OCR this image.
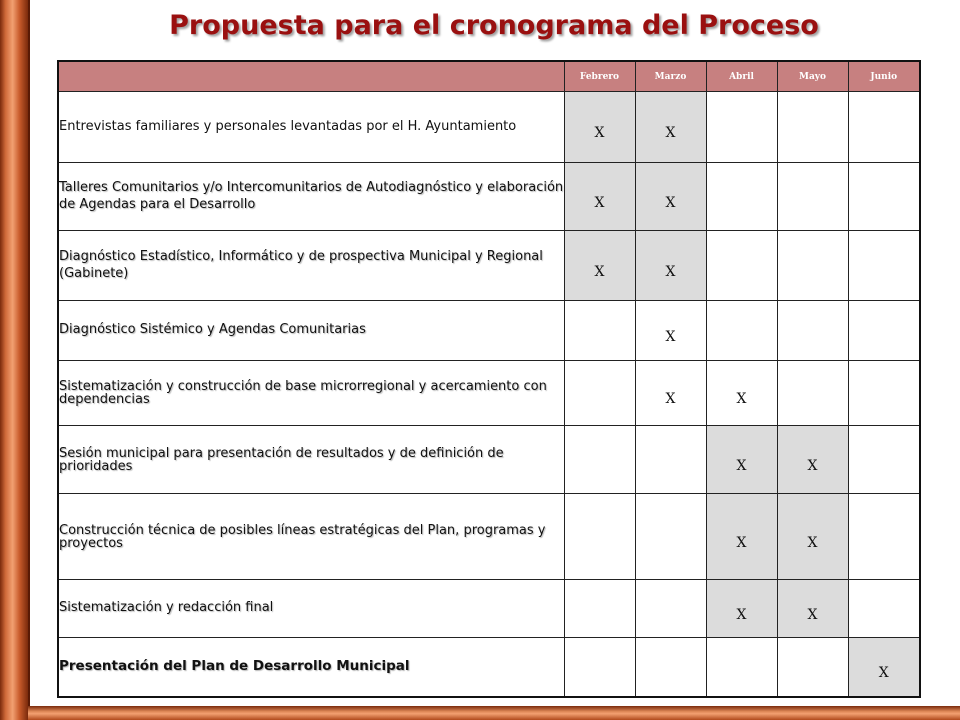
Propuesta para el cronograma del Proceso
	Febrero	Marzo	Abril	Mayo	Junio
Entrevistas familiares y personales levantadas por el H. Ayuntamiento	X	X			
Talleres Comunitarios y/o Intercomunitarios de Autodiagnóstico y elaboración de Agendas para el Desarrollo	X	X			
Diagnóstico Estadístico, Informático y de prospectiva Municipal y Regional (Gabinete)	X	X			
Diagnóstico Sistémico y Agendas Comunitarias		X			
Sistematización y construcción de base microrregional y acercamiento con dependencias		X	X		
Sesión municipal para presentación de resultados y de definición de prioridades			X	X	
Construcción técnica de posibles líneas estratégicas del Plan, programas y proyectos			X	X	
Sistematización y redacción final			X	X	
Presentación del Plan de Desarrollo Municipal					X
